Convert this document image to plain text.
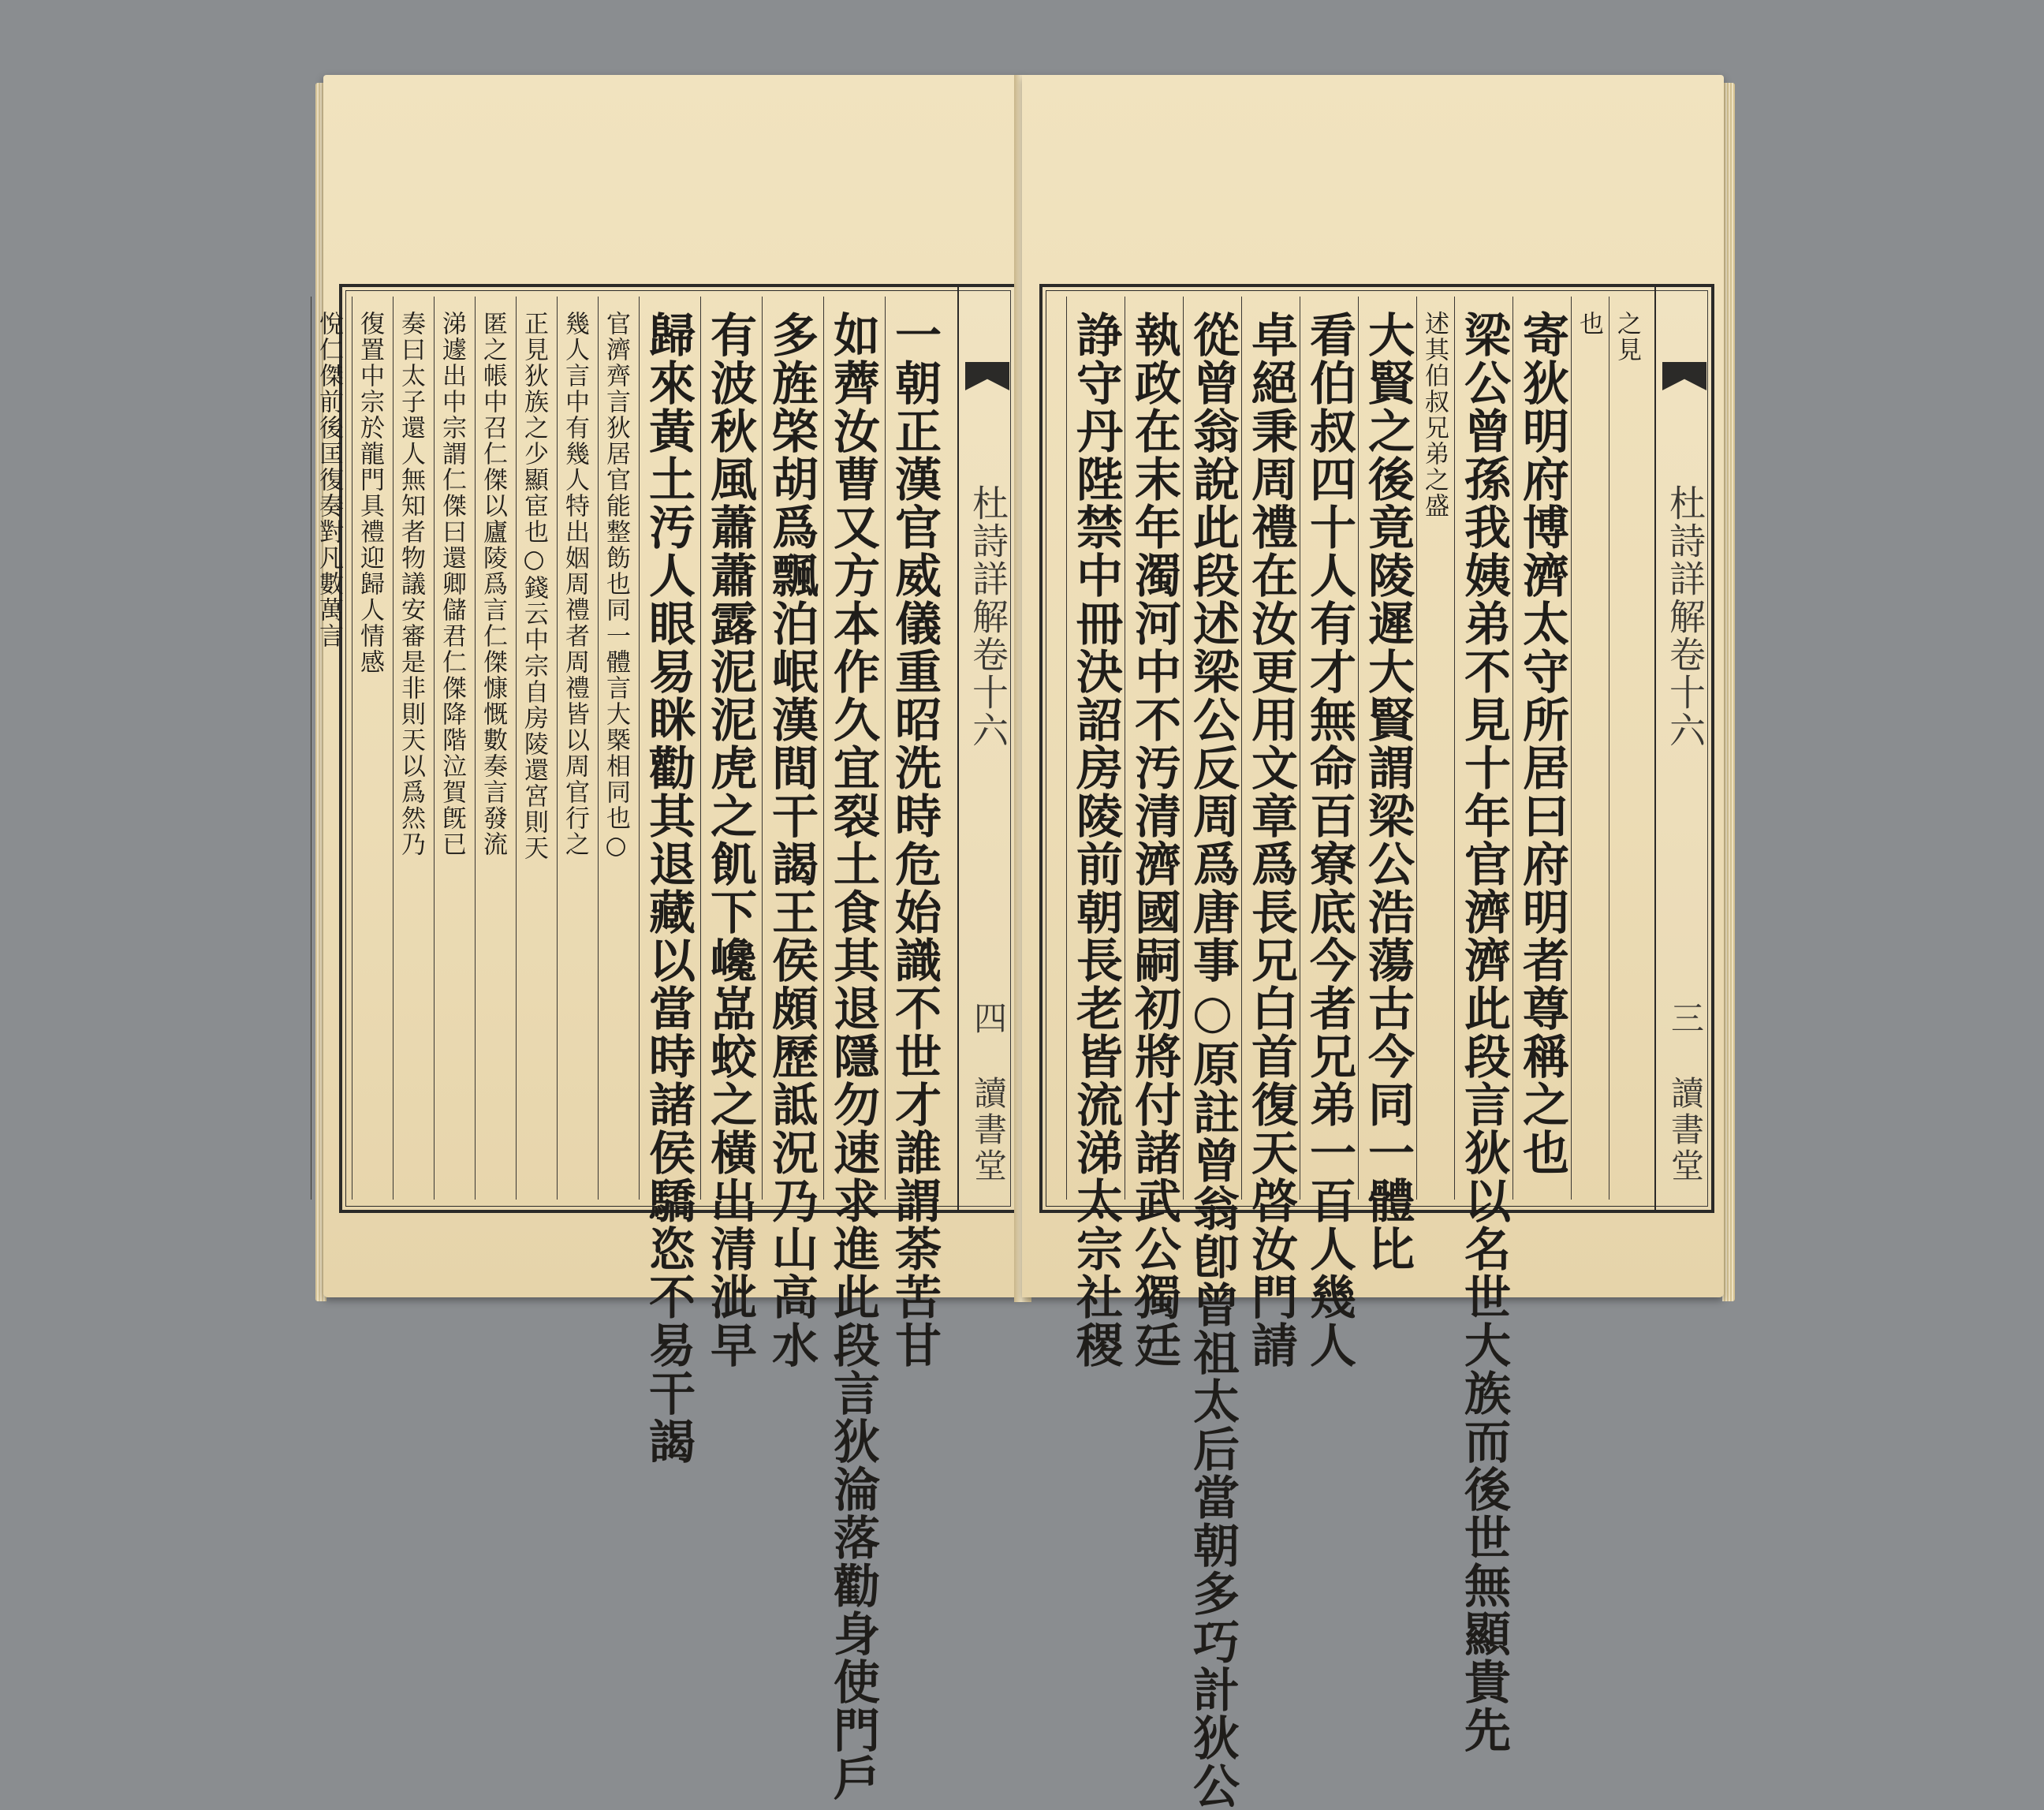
杜詩詳解卷十六
四
讀書堂
一朝正漢官威儀重昭洗時危始識不世才誰謂荼苦甘
如薺汝曹又方本作久宜裂土食其退隱勿速求進此段言狄淪落勸身使門戶
多旌棨胡爲飄泊岷漢間干謁王侯頗歷詆況乃山高水
有波秋風蕭蕭露泥泥虎之飢下巉嵓蛟之橫出清泚早
歸來黃土汚人眼易眯勸其退藏以當時諸侯驕恣不易干謁
官濟齊言狄居官能整飭也同一體言大槩相同也○
幾人言中有幾人特出姻周禮者周禮皆以周官行之
正見狄族之少顯宦也○錢云中宗自房陵還宮則天
匿之帳中召仁傑以廬陵爲言仁傑慷慨數奏言發流
涕遽出中宗謂仁傑曰還卿儲君仁傑降階泣賀旣已
奏曰太子還人無知者物議安審是非則天以爲然乃
復置中宗於龍門具禮迎歸人情感
悅仁傑前後匡復奏對凡數萬言	杜詩詳解卷十六
三
讀書堂
之見
也
寄狄明府博濟太守所居曰府明者尊稱之也
梁公曾孫我姨弟不見十年官濟濟此段言狄以名世大族而後世無顯貴先
述其伯叔兄弟之盛
大賢之後竟陵遲大賢謂梁公浩蕩古今同一體比
看伯叔四十人有才無命百寮底今者兄弟一百人幾人
卓絕秉周禮在汝更用文章爲長兄白首復天啓汝門請
從曾翁說此段述梁公反周爲唐事○原註曾翁卽曾祖太后當朝多巧計狄公
執政在末年濁河中不汚清濟國嗣初將付諸武公獨廷
諍守丹陛禁中冊決詔房陵前朝長老皆流涕太宗社稷
